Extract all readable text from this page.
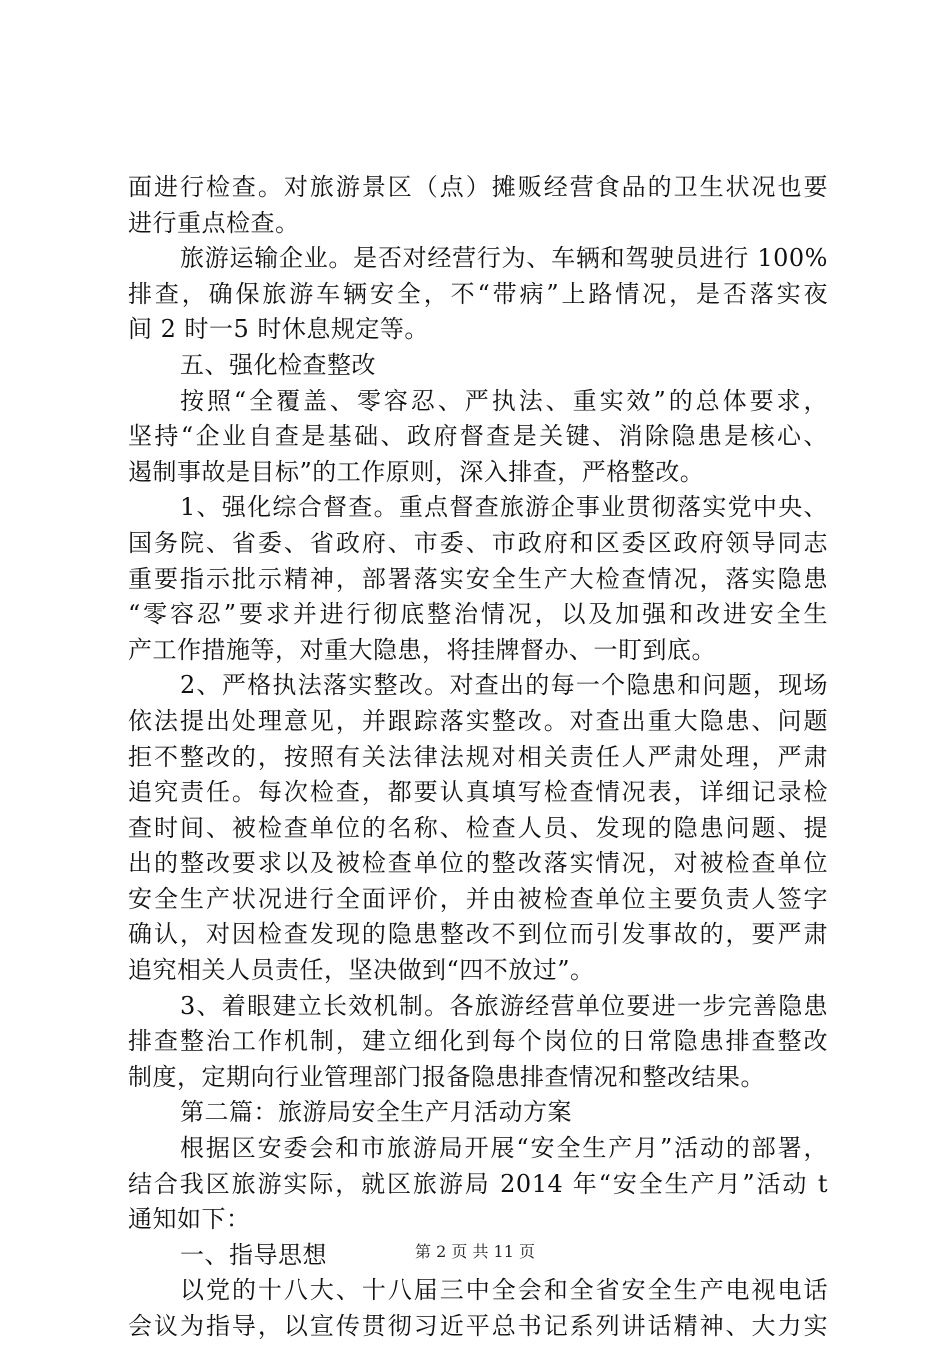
面进行检查。对旅游景区（点）摊贩经营食品的卫生状况也要
进行重点检查。
旅游运输企业。是否对经营行为、车辆和驾驶员进行 100%
排查，确保旅游车辆安全，不“带病”上路情况，是否落实夜
间 2 时一5 时休息规定等。
五、强化检查整改
按照“全覆盖、零容忍、严执法、重实效”的总体要求，
坚持“企业自查是基础、政府督查是关键、消除隐患是核心、
遏制事故是目标”的工作原则，深入排查，严格整改。
1、强化综合督查。重点督查旅游企事业贯彻落实党中央、
国务院、省委、省政府、市委、市政府和区委区政府领导同志
重要指示批示精神，部署落实安全生产大检查情况，落实隐患
“零容忍”要求并进行彻底整治情况，以及加强和改进安全生
产工作措施等，对重大隐患，将挂牌督办、一盯到底。
2、严格执法落实整改。对查出的每一个隐患和问题，现场
依法提出处理意见，并跟踪落实整改。对查出重大隐患、问题
拒不整改的，按照有关法律法规对相关责任人严肃处理，严肃
追究责任。每次检查，都要认真填写检查情况表，详细记录检
查时间、被检查单位的名称、检查人员、发现的隐患问题、提
出的整改要求以及被检查单位的整改落实情况，对被检查单位
安全生产状况进行全面评价，并由被检查单位主要负责人签字
确认，对因检查发现的隐患整改不到位而引发事故的，要严肃
追究相关人员责任，坚决做到“四不放过”。
3、着眼建立长效机制。各旅游经营单位要进一步完善隐患
排查整治工作机制，建立细化到每个岗位的日常隐患排查整改
制度，定期向行业管理部门报备隐患排查情况和整改结果。
第二篇：旅游局安全生产月活动方案
根据区安委会和市旅游局开展“安全生产月”活动的部署，
结合我区旅游实际，就区旅游局 2014 年“安全生产月”活动 t
通知如下：
一、指导思想
以党的十八大、十八届三中全会和全省安全生产电视电话
会议为指导，以宣传贯彻习近平总书记系列讲话精神、大力实
第 2 页 共 11 页
